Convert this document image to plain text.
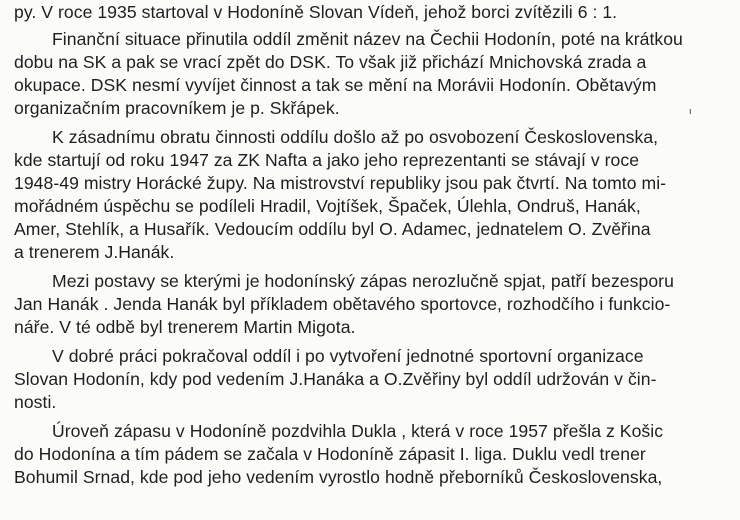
py. V roce 1935 startoval v Hodoníně Slovan Vídeň, jehož borci zvítězili 6 : 1.
Finanční situace přinutila oddíl změnit název na Čechii Hodonín, poté na krátkou
dobu na SK a pak se vrací zpět do DSK. To však již přichází Mnichovská zrada a
okupace. DSK nesmí vyvíjet činnost a tak se mění na Morávii Hodonín. Obětavým
organizačním pracovníkem je p. Skřápek.	ı
K zásadnímu obratu činnosti oddílu došlo až po osvobození Československa,
kde startují od roku 1947 za ZK Nafta a jako jeho reprezentanti se stávají v roce
1948-49 mistry Horácké župy. Na mistrovství republiky jsou pak čtvrtí. Na tomto mi-
mořádném úspěchu se podíleli Hradil, Vojtíšek, Špaček, Úlehla, Ondruš, Hanák,
Amer, Stehlík, a Husařík. Vedoucím oddílu byl O. Adamec, jednatelem O. Zvěřina
a trenerem J.Hanák.
Mezi postavy se kterými je hodonínský zápas nerozlučně spjat, patří bezesporu
Jan Hanák . Jenda Hanák byl příkladem obětavého sportovce, rozhodčího i funkcio-
náře. V té odbě byl trenerem Martin Migota.
V dobré práci pokračoval oddíl i po vytvoření jednotné sportovní organizace
Slovan Hodonín, kdy pod vedením J.Hanáka a O.Zvěřiny byl oddíl udržován v čin-
nosti.
Úroveň zápasu v Hodoníně pozdvihla Dukla , která v roce 1957 přešla z Košic
do Hodonína a tím pádem se začala v Hodoníně zápasit I. liga. Duklu vedl trener
Bohumil Srnad, kde pod jeho vedením vyrostlo hodně přeborníků Československa,
